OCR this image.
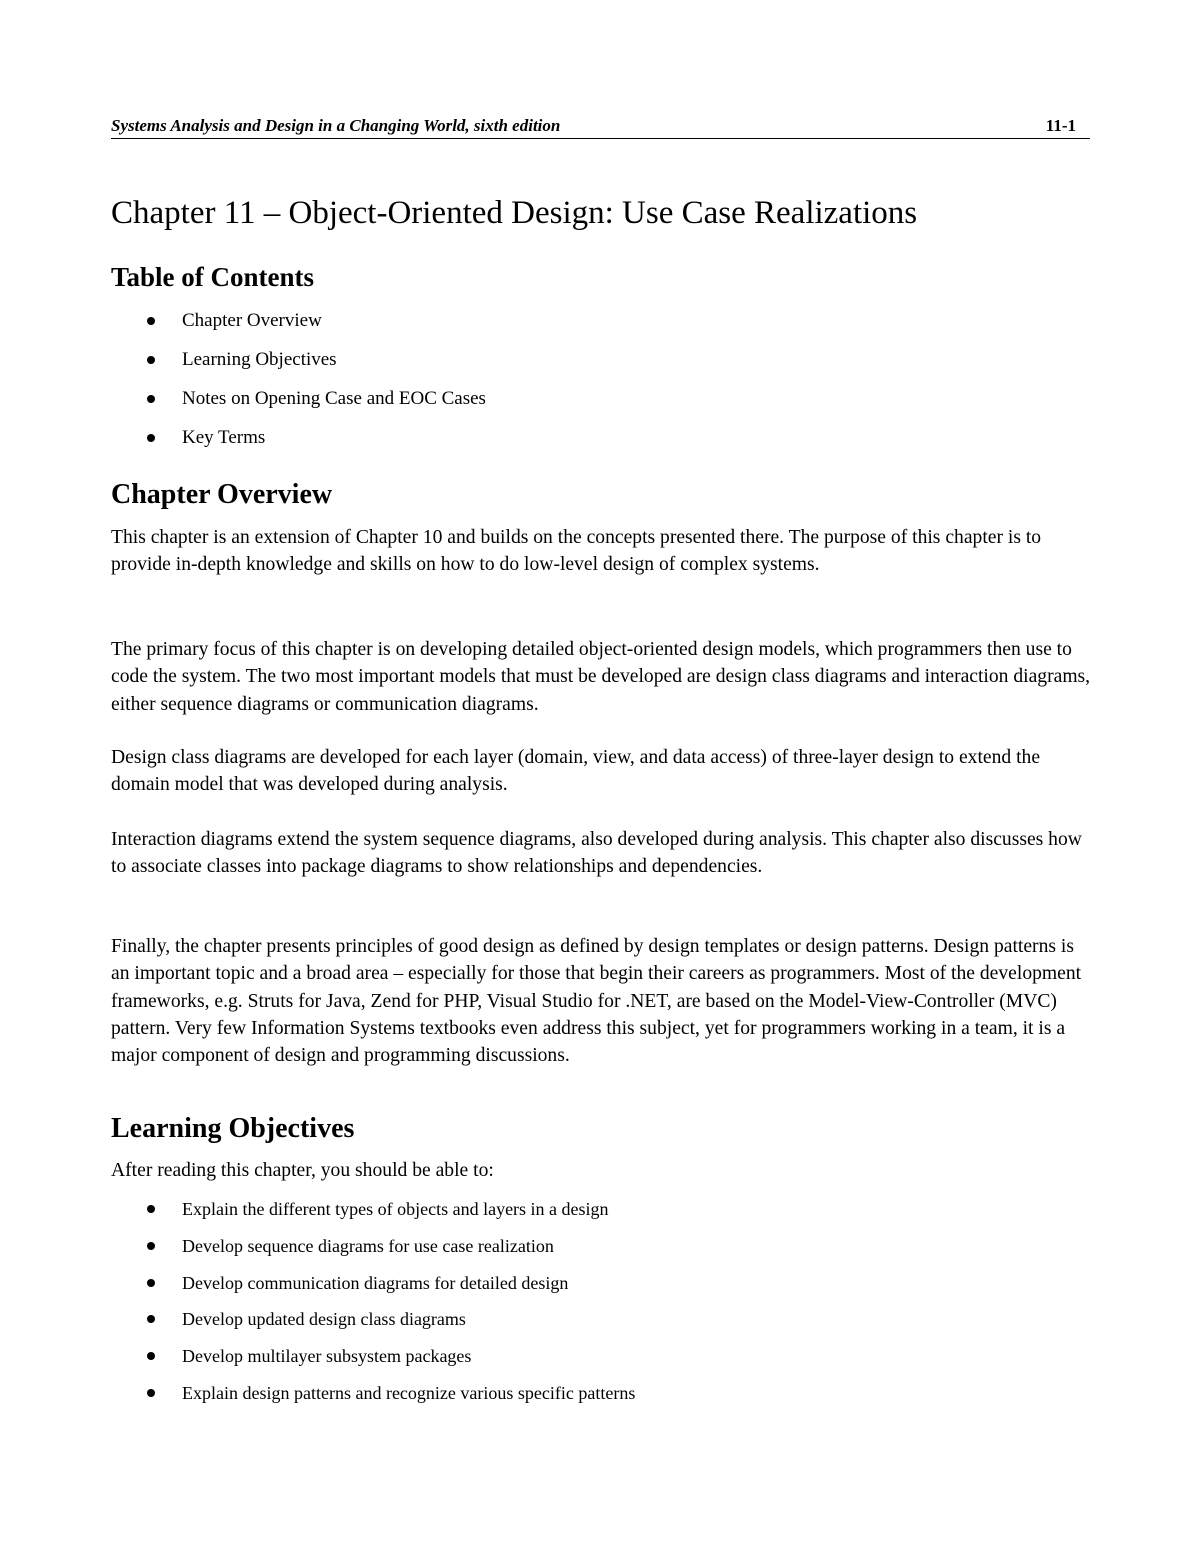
Systems Analysis and Design in a Changing World, sixth edition	11-1
Chapter 11 – Object-Oriented Design: Use Case Realizations
Table of Contents
Chapter Overview
Learning Objectives
Notes on Opening Case and EOC Cases
Key Terms
Chapter Overview

This chapter is an extension of Chapter 10 and builds on the concepts presented there. The purpose of this chapter is to provide in-depth knowledge and skills on how to do low-level design of complex systems.

The primary focus of this chapter is on developing detailed object-oriented design models, which programmers then use to code the system. The two most important models that must be developed are design class diagrams and interaction diagrams, either sequence diagrams or communication diagrams.

Design class diagrams are developed for each layer (domain, view, and data access) of three-layer design to extend the domain model that was developed during analysis.

Interaction diagrams extend the system sequence diagrams, also developed during analysis. This chapter also discusses how to associate classes into package diagrams to show relationships and dependencies.

Finally, the chapter presents principles of good design as defined by design templates or design patterns. Design patterns is an important topic and a broad area – especially for those that begin their careers as programmers. Most of the development frameworks, e.g. Struts for Java, Zend for PHP, Visual Studio for .NET, are based on the Model-View-Controller (MVC) pattern. Very few Information Systems textbooks even address this subject, yet for programmers working in a team, it is a major component of design and programming discussions.

Learning Objectives

After reading this chapter, you should be able to:

Explain the different types of objects and layers in a design
Develop sequence diagrams for use case realization
Develop communication diagrams for detailed design
Develop updated design class diagrams
Develop multilayer subsystem packages
Explain design patterns and recognize various specific patterns
